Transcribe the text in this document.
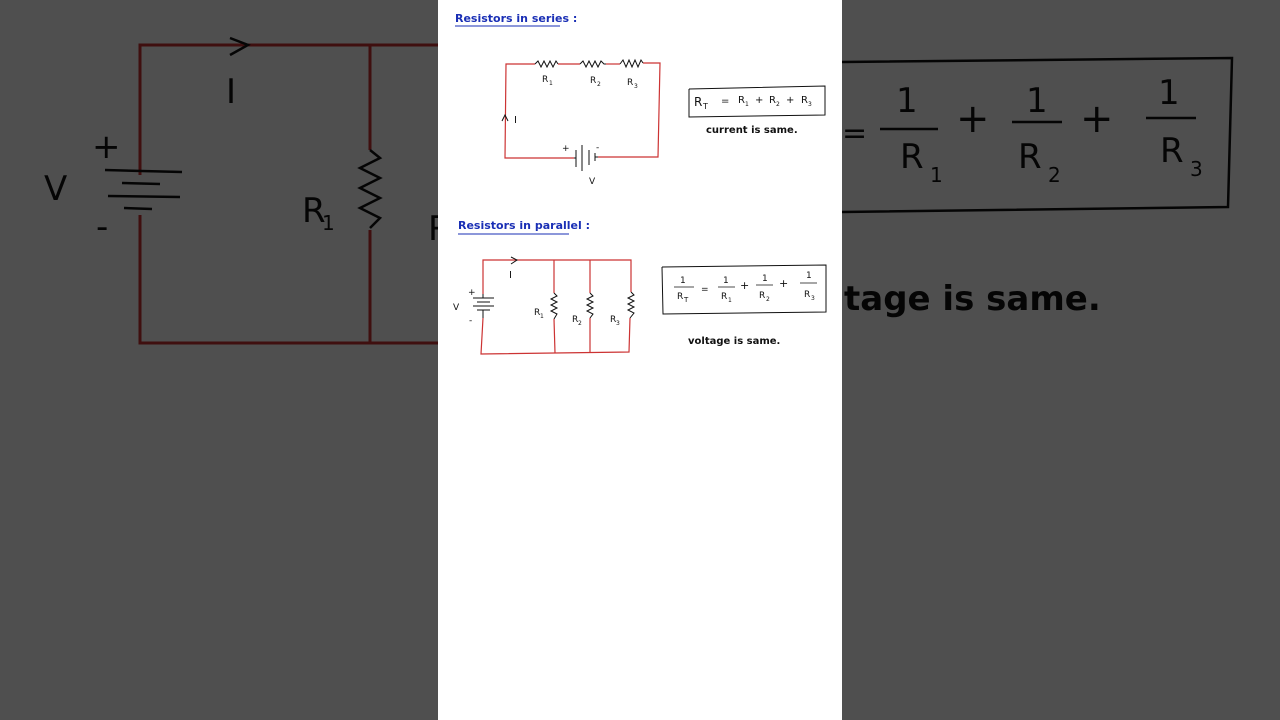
Resistors in series :
R 1	R 2	R 3
I
+	-
V
R T = R 1 + R 2 + R 3
current is same.
Resistors in parallel :
R 1	R 2	R 3
I
+
V
-
1
R T
=
1
R 1
+ 1
R 2
+
1
R 3
voltage is same.
